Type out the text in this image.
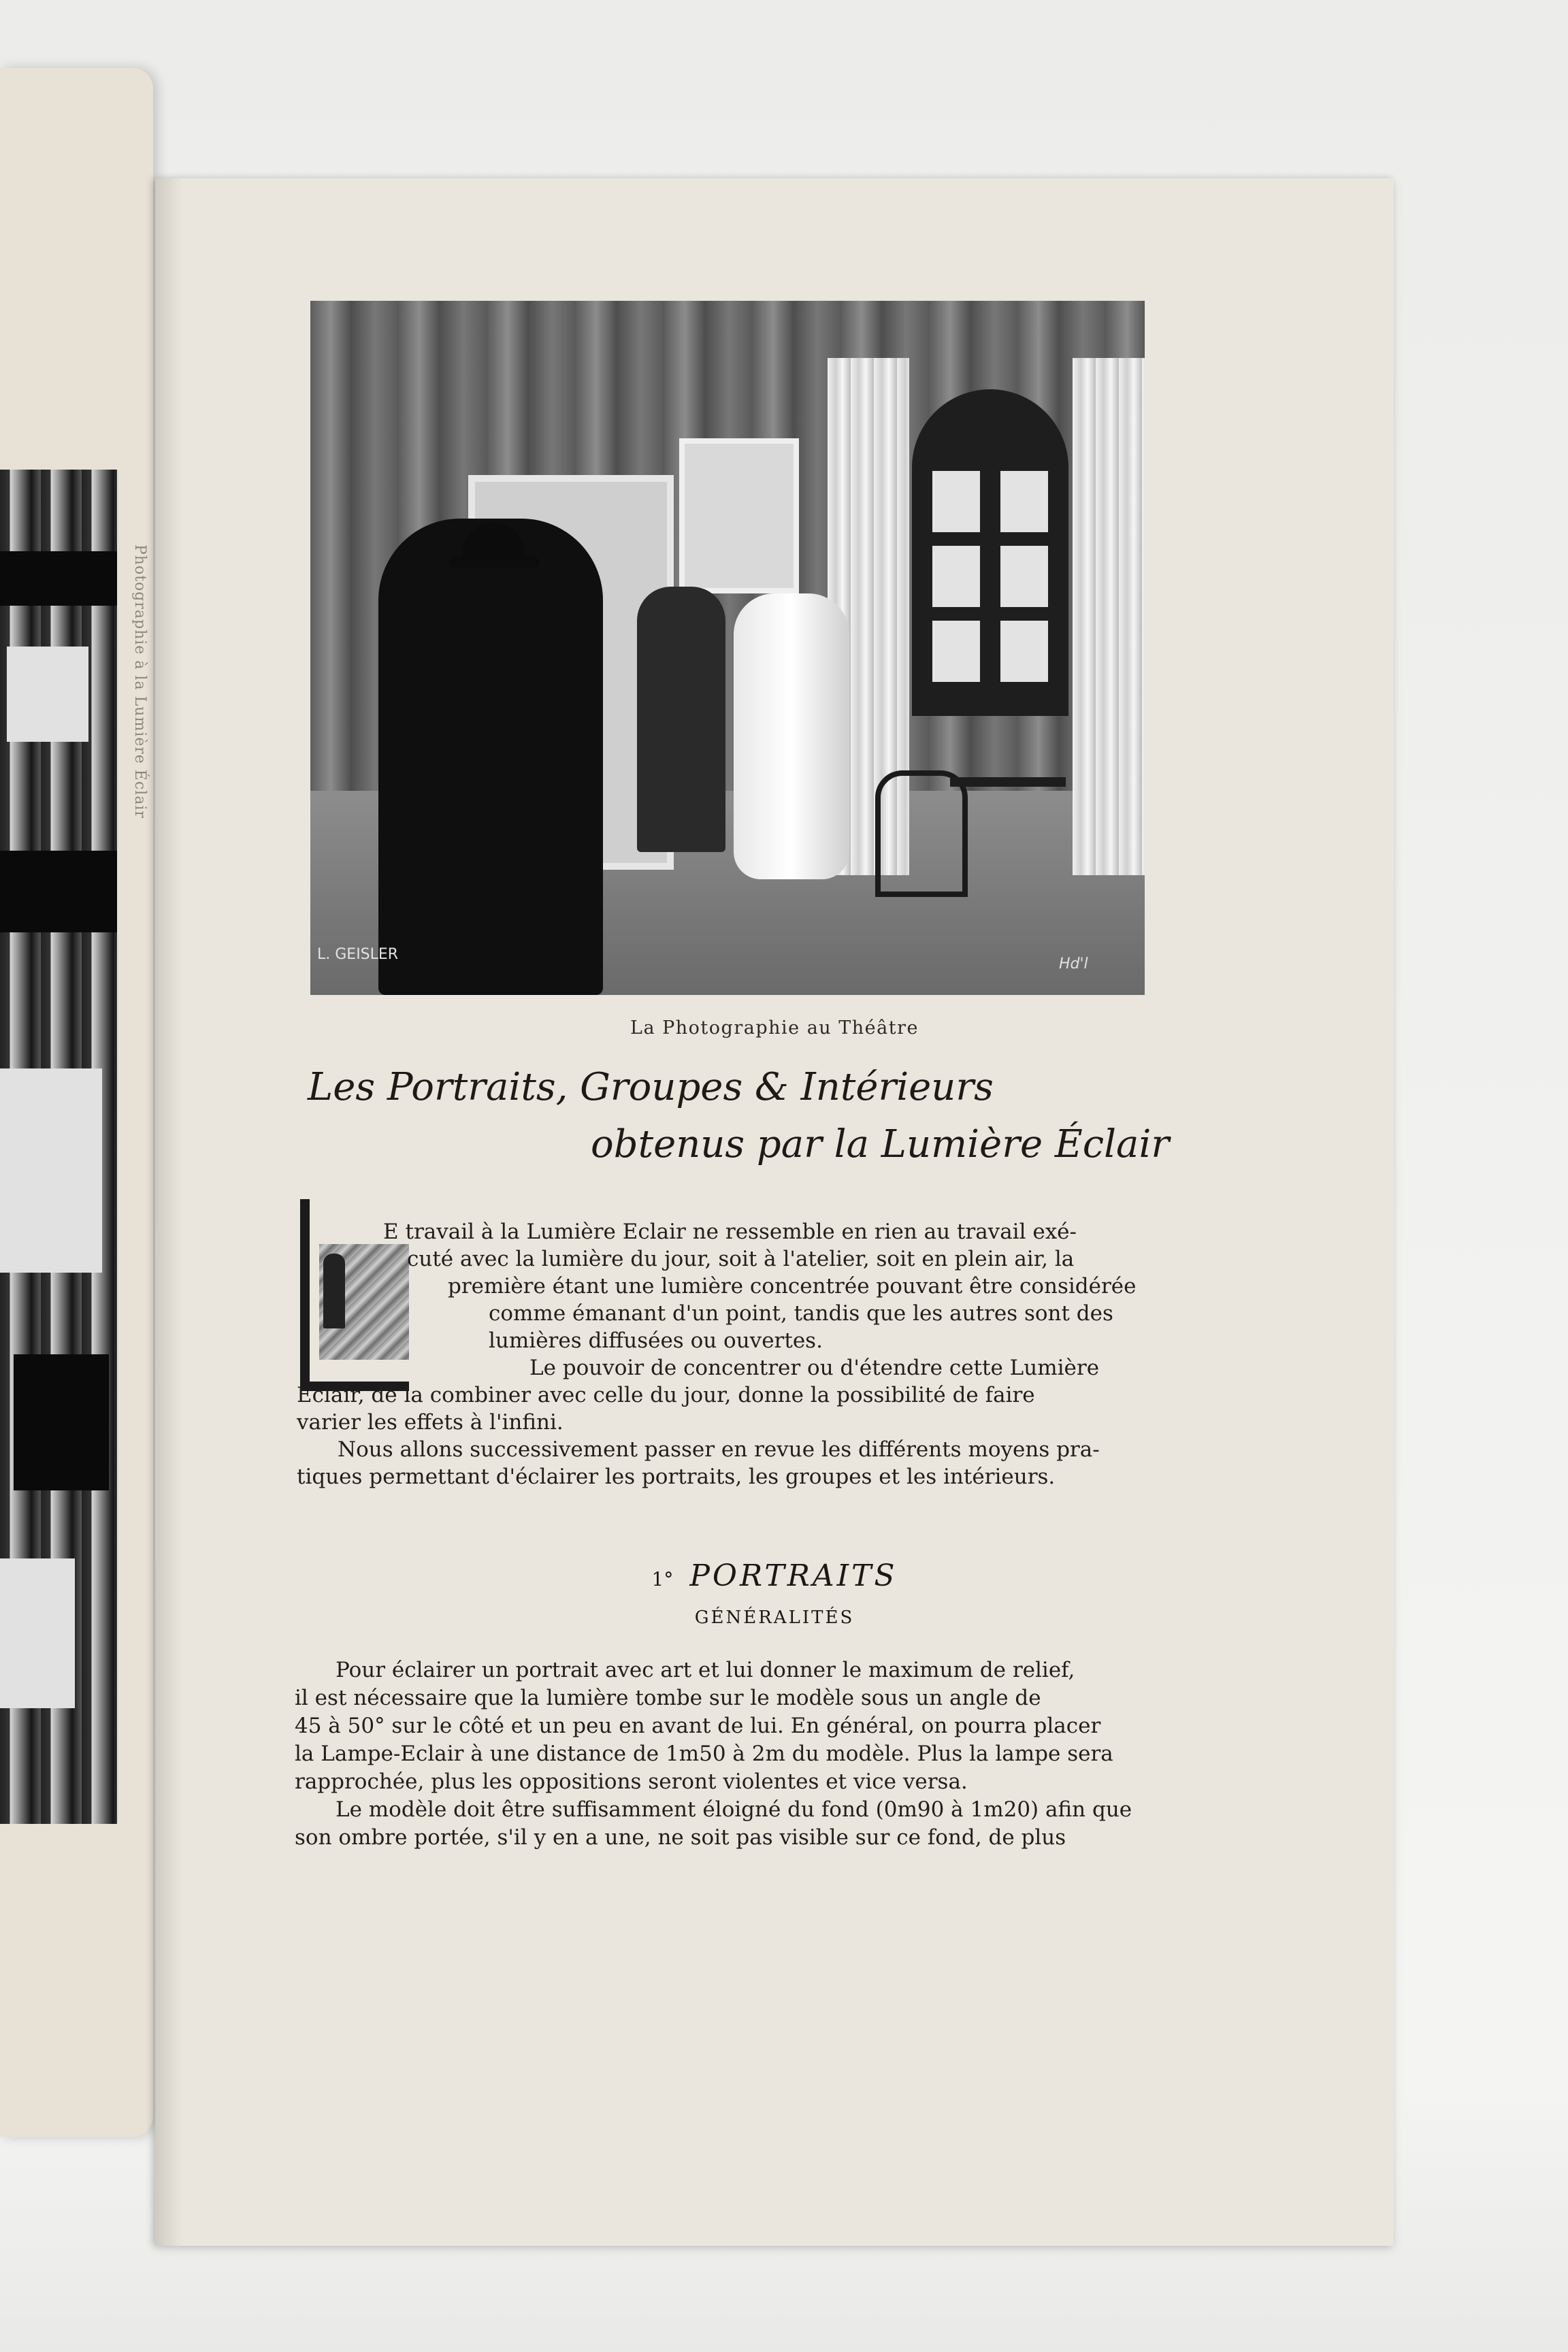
Photographie à la Lumière Éclair
L. GEISLER
Hd'l
La Photographie au Théâtre
Les Portraits, Groupes & Intérieurs
obtenus par la Lumière Éclair

E travail à la Lumière Eclair ne ressemble en rien au travail exé-

cuté avec la lumière du jour, soit à l'atelier, soit en plein air, la

première étant une lumière concentrée pouvant être considérée

comme émanant d'un point, tandis que les autres sont des

lumières diffusées ou ouvertes.

Le pouvoir de concentrer ou d'étendre cette Lumière

Eclair, de la combiner avec celle du jour, donne la possibilité de faire

varier les effets à l'infini.

Nous allons successivement passer en revue les différents moyens pra-

tiques permettant d'éclairer les portraits, les groupes et les intérieurs.

1° PORTRAITS
GÉNÉRALITÉS

Pour éclairer un portrait avec art et lui donner le maximum de relief,

il est nécessaire que la lumière tombe sur le modèle sous un angle de

45 à 50° sur le côté et un peu en avant de lui. En général, on pourra placer

la Lampe-Eclair à une distance de 1m50 à 2m du modèle. Plus la lampe sera

rapprochée, plus les oppositions seront violentes et vice versa.

Le modèle doit être suffisamment éloigné du fond (0m90 à 1m20) afin que

son ombre portée, s'il y en a une, ne soit pas visible sur ce fond, de plus
